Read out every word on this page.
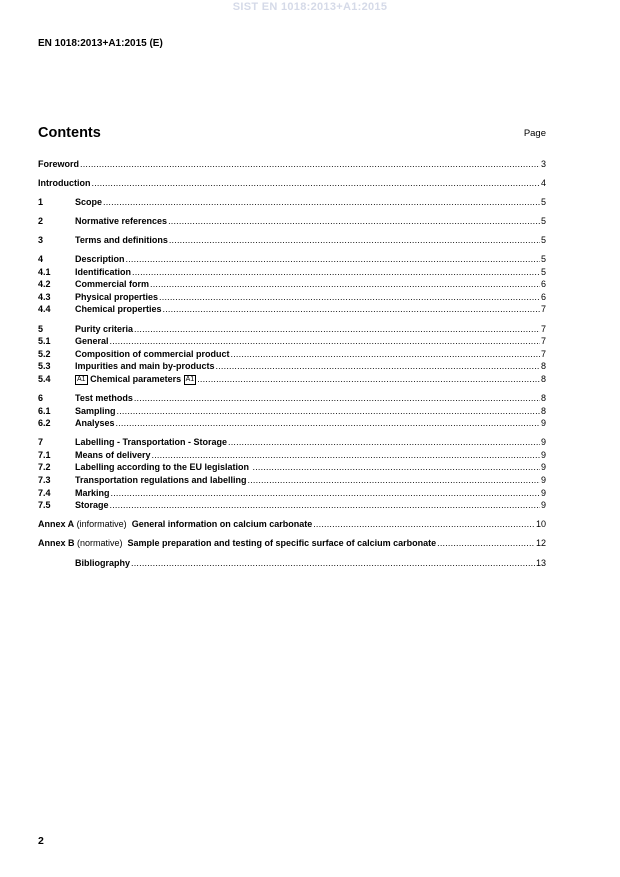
SIST EN 1018:2013+A1:2015
EN 1018:2013+A1:2015 (E)
Contents	Page
Foreword .....	3
Introduction .....	4
1	Scope .....	5
2	Normative references .....	5
3	Terms and definitions .....	5
4	Description .....	5
4.1	Identification .....	5
4.2	Commercial form .....	6
4.3	Physical properties .....	6
4.4	Chemical properties .....	7
5	Purity criteria .....	7
5.1	General .....	7
5.2	Composition of commercial product .....	7
5.3	Impurities and main by-products .....	8
5.4	A1 Chemical parameters A1 .....	8
6	Test methods .....	8
6.1	Sampling .....	8
6.2	Analyses .....	9
7	Labelling - Transportation - Storage .....	9
7.1	Means of delivery .....	9
7.2	Labelling according to the EU legislation .....	9
7.3	Transportation regulations and labelling .....	9
7.4	Marking .....	9
7.5	Storage .....	9
Annex A (informative)  General information on calcium carbonate .....	10
Annex B (normative)  Sample preparation and testing of specific surface of calcium carbonate .....	12
Bibliography .....	13
2
